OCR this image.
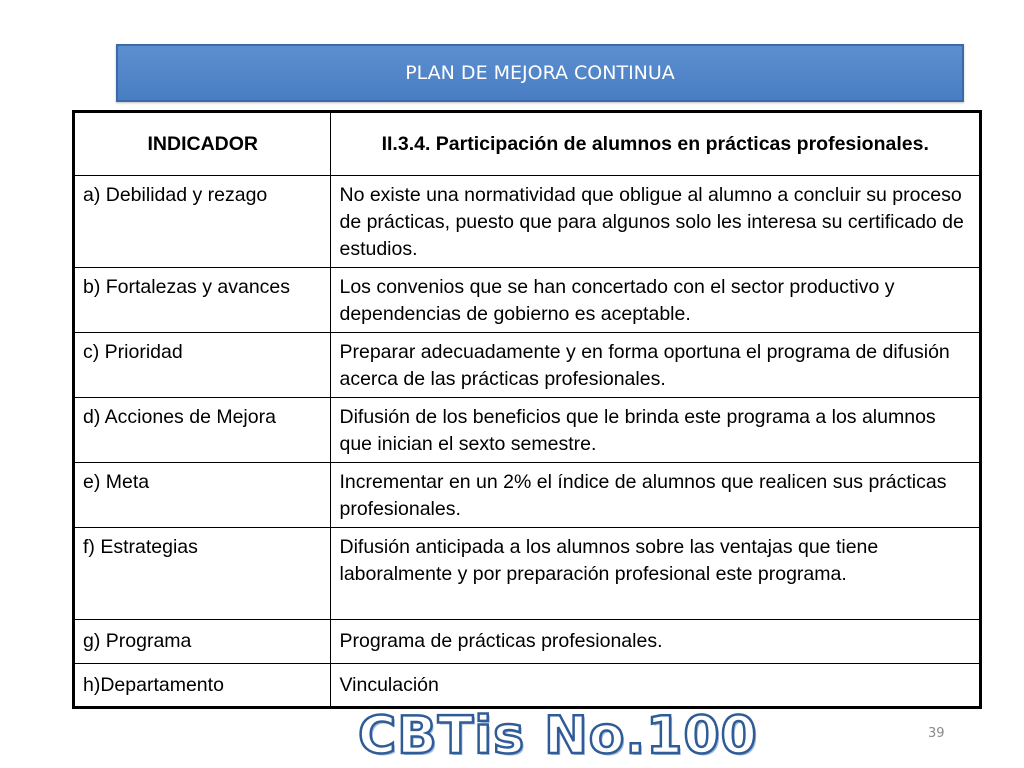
PLAN DE MEJORA CONTINUA
INDICADOR	II.3.4. Participación de alumnos en prácticas profesionales.
a) Debilidad y rezago	No existe una normatividad que obligue al alumno a concluir su proceso de prácticas, puesto que para algunos solo les interesa su certificado de estudios.
b) Fortalezas y avances	Los convenios que se han concertado con el sector productivo y dependencias de gobierno es aceptable.
c) Prioridad	Preparar adecuadamente y en forma oportuna el programa de difusión acerca de las prácticas profesionales.
d) Acciones de Mejora	Difusión de los beneficios que le brinda este programa a los alumnos que inician el sexto semestre.
e) Meta	Incrementar en un 2% el índice de alumnos que realicen sus prácticas profesionales.
f) Estrategias	Difusión anticipada a los alumnos sobre las ventajas que tiene laboralmente y por preparación profesional este programa.
g) Programa	Programa de prácticas profesionales.
h)Departamento	Vinculación
CBTis No.100	39
